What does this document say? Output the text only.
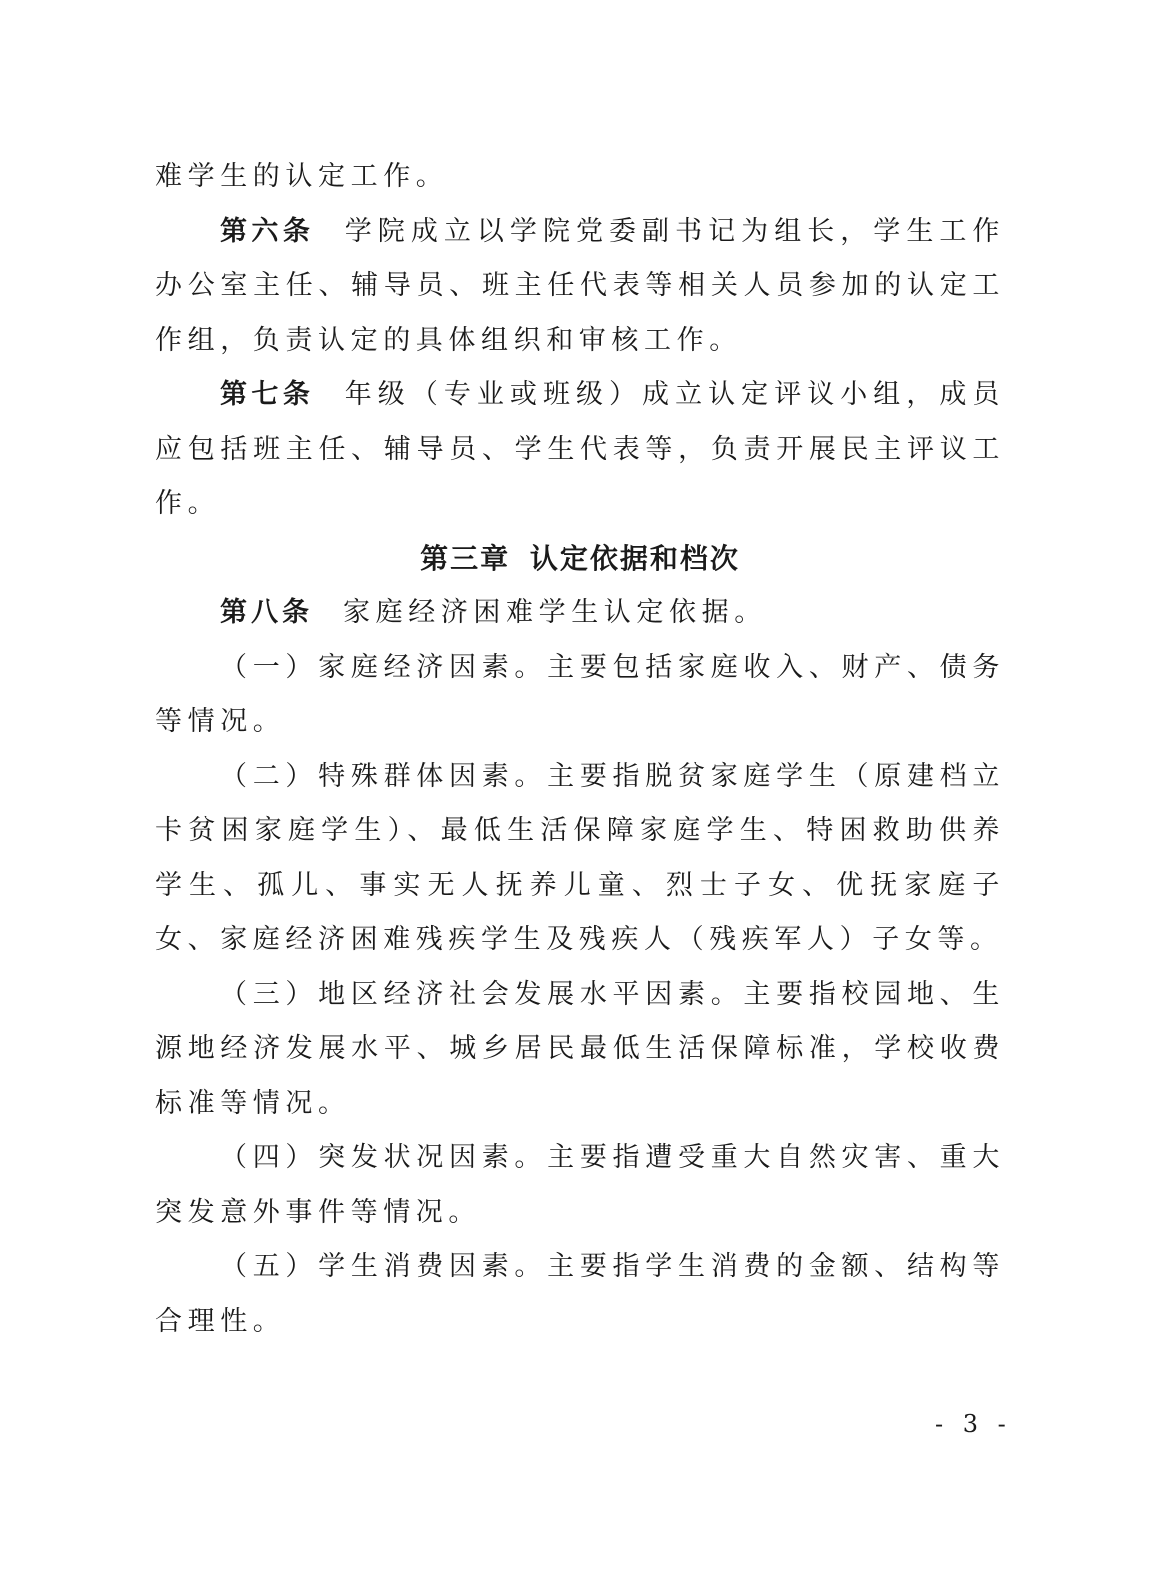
难学生的认定工作。

第六条 学院成立以学院党委副书记为组长，学生工作办公室主任、辅导员、班主任代表等相关人员参加的认定工作组，负责认定的具体组织和审核工作。

第七条 年级（专业或班级）成立认定评议小组，成员应包括班主任、辅导员、学生代表等，负责开展民主评议工作。

第三章 认定依据和档次

第八条 家庭经济困难学生认定依据。

（一）家庭经济因素。主要包括家庭收入、财产、债务等情况。

（二）特殊群体因素。主要指脱贫家庭学生（原建档立卡贫困家庭学生）、最低生活保障家庭学生、特困救助供养学生、孤儿、事实无人抚养儿童、烈士子女、优抚家庭子女、家庭经济困难残疾学生及残疾人（残疾军人）子女等。

（三）地区经济社会发展水平因素。主要指校园地、生源地经济发展水平、城乡居民最低生活保障标准，学校收费标准等情况。

（四）突发状况因素。主要指遭受重大自然灾害、重大突发意外事件等情况。

（五）学生消费因素。主要指学生消费的金额、结构等合理性。

- 3 -
